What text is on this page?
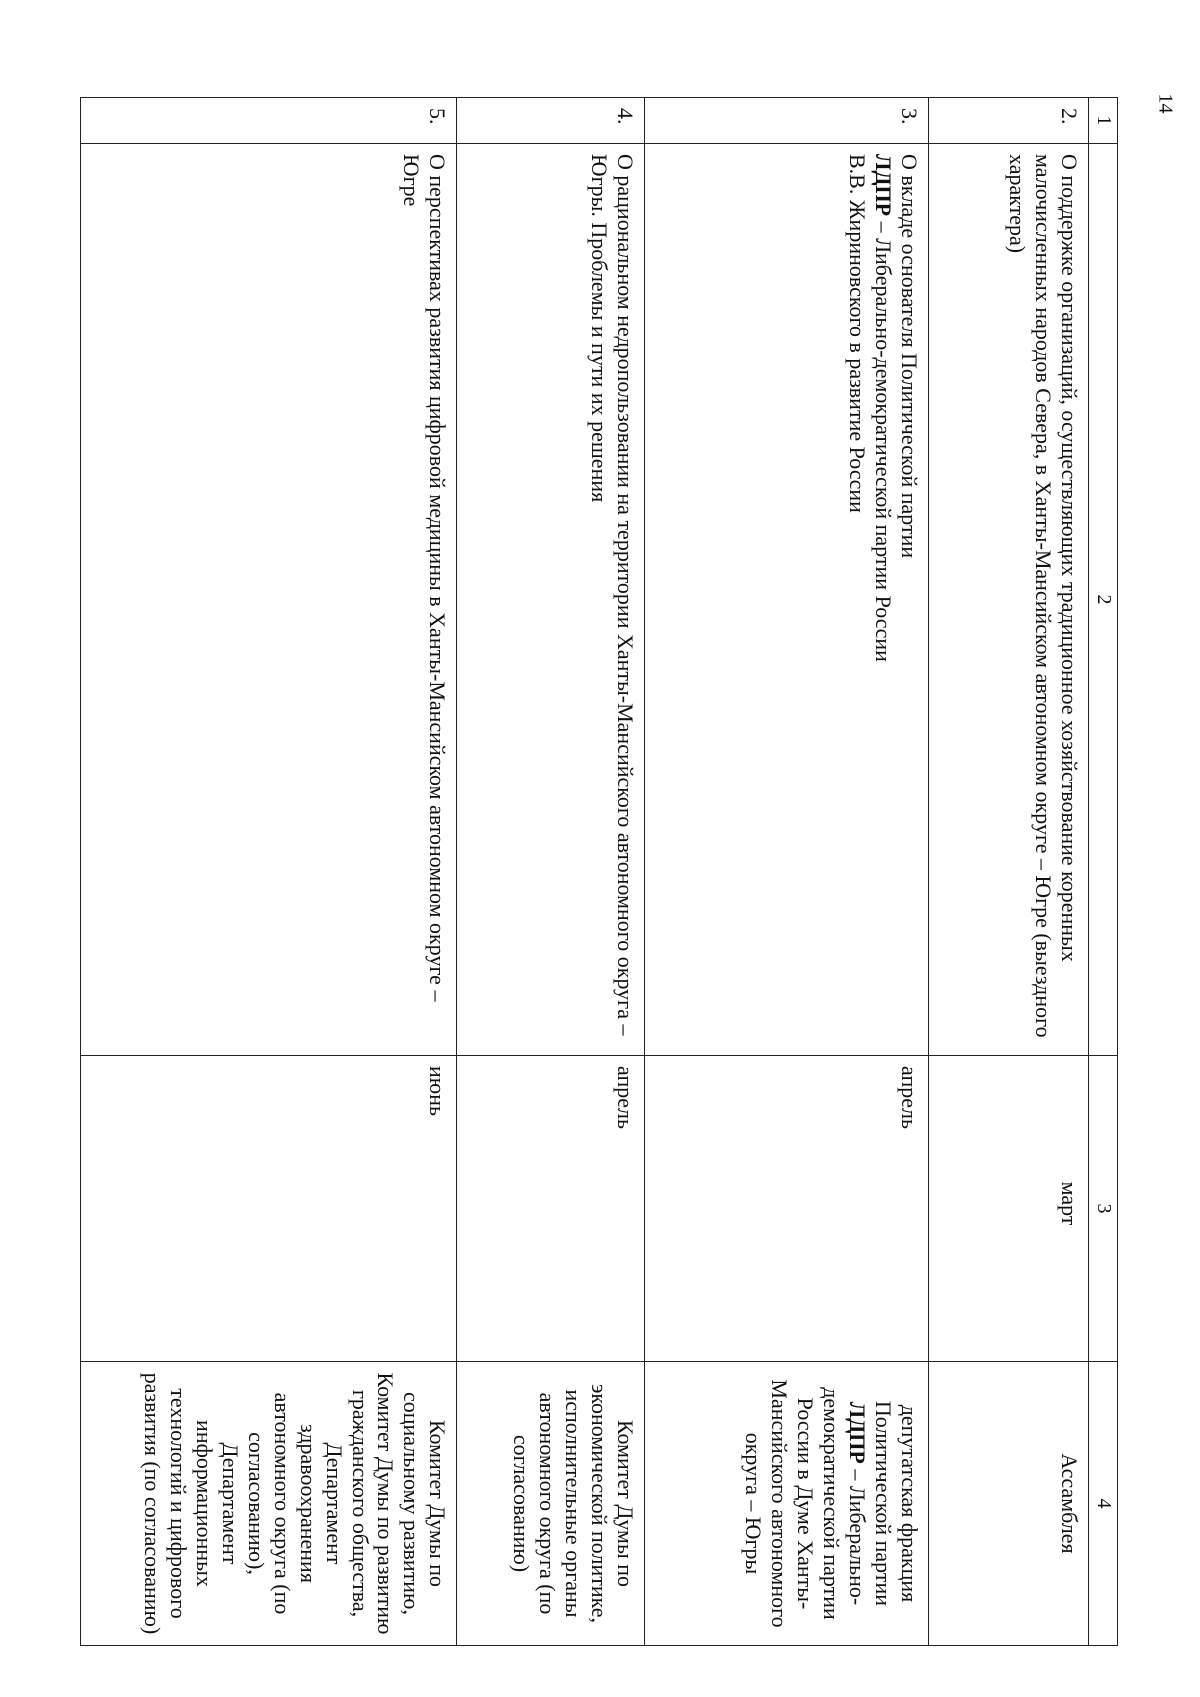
14
1	2	3	4
2.	О поддержке организаций, осуществляющих традиционное хозяйствование коренных малочисленных народов Севера, в Ханты-Мансийском автономном округе – Югре (выездного характера)	март	Ассамблея
3.	О вкладе основателя Политической партии
ЛДПР – Либерально-демократической партии России
В.В. Жириновского в развитие России	апрель	депутатская фракция Политической партии ЛДПР – Либерально-демократической партии России в Думе Ханты-Мансийского автономного округа – Югры
4.	О рациональном недропользовании на территории Ханты-Мансийского автономного округа – Югры. Проблемы и пути их решения	апрель	Комитет Думы по экономической политике, исполнительные органы автономного округа (по согласованию)
5.	О перспективах развития цифровой медицины в Ханты-Мансийском автономном округе – Югре	июнь	Комитет Думы по социальному развитию, Комитет Думы по развитию гражданского общества, Департамент здравоохранения автономного округа (по согласованию), Департамент информационных технологий и цифрового развития (по согласованию)
